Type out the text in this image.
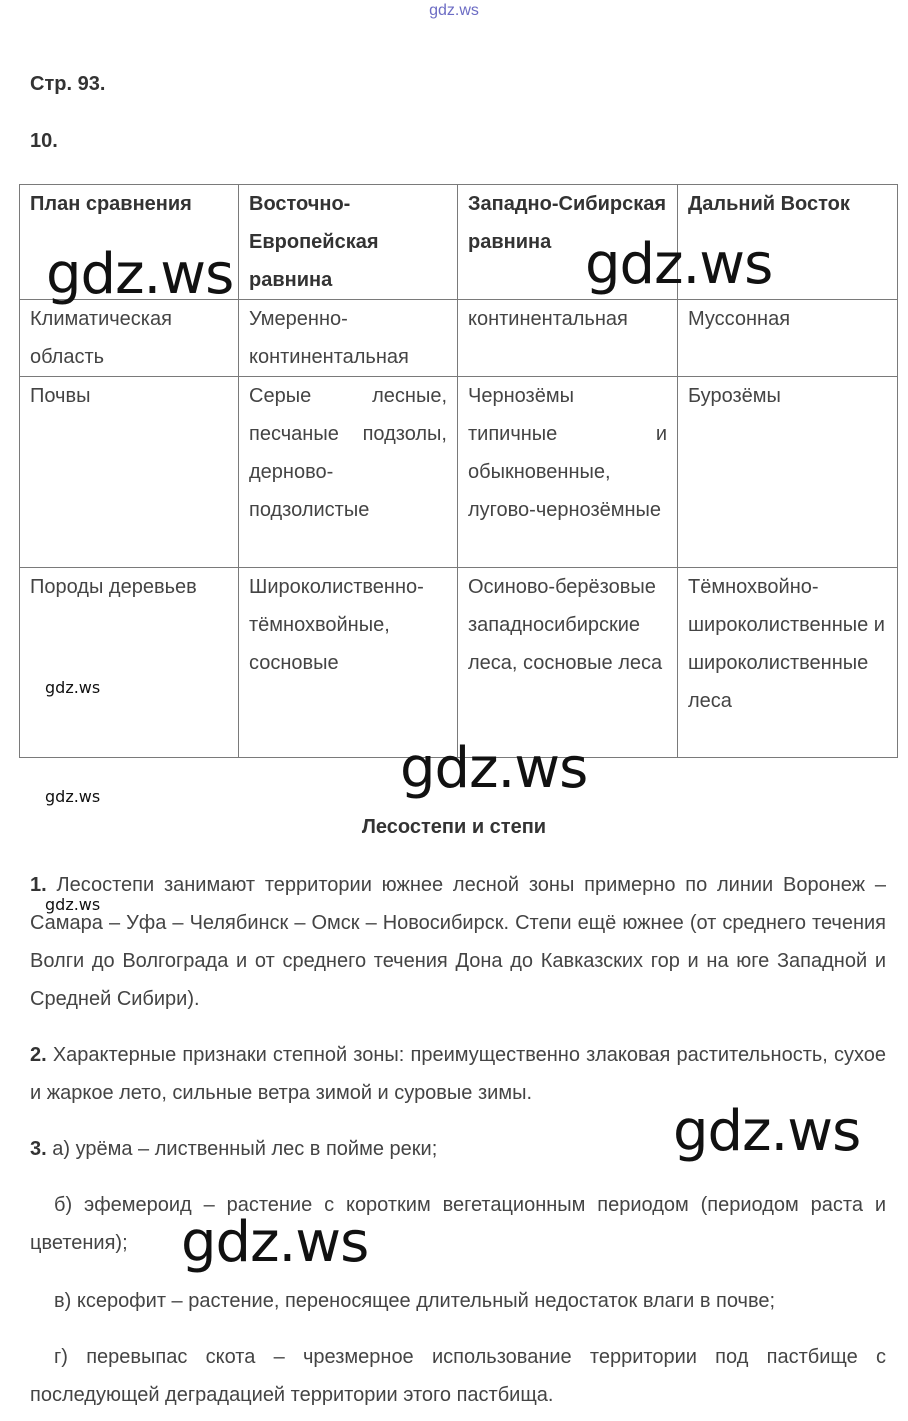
gdz.ws
Стр. 93.
10.
План сравнения	Восточно-Европейская равнина	Западно-Сибирская равнина	Дальний Восток
Климатическая область	Умеренно-континентальная	континентальная	Муссонная
Почвы	Серые лесные, песчаные подзолы, дерново-подзолистые	Чернозёмы типичные и обыкновенные, лугово-чернозёмные	Бурозёмы
Породы деревьев	Широколиственно-тёмнохвойные, сосновые	Осиново-берёзовые западносибирские леса, сосновые леса	Тёмнохвойно-широколиственные и широколиственные леса
gdz.ws	gdz.ws
gdz.ws
gdz.ws
gdz.ws
Лесостепи и степи
1. Лесостепи занимают территории южнее лесной зоны примерно по линии Воронеж – Самара – Уфа – Челябинск – Омск – Новосибирск. Степи ещё южнее (от среднего течения Волги до Волгограда и от среднего течения Дона до Кавказских гор и на юге Западной и Средней Сибири).
gdz.ws
2. Характерные признаки степной зоны: преимущественно злаковая растительность, сухое и жаркое лето, сильные ветра зимой и суровые зимы.
3. а) урёма – лиственный лес в пойме реки;	gdz.ws
б) эфемероид – растение с коротким вегетационным периодом (периодом раста и цветения); gdz.ws
в) ксерофит – растение, переносящее длительный недостаток влаги в почве;
г) перевыпас скота – чрезмерное использование территории под пастбище с последующей деградацией территории этого пастбища.
